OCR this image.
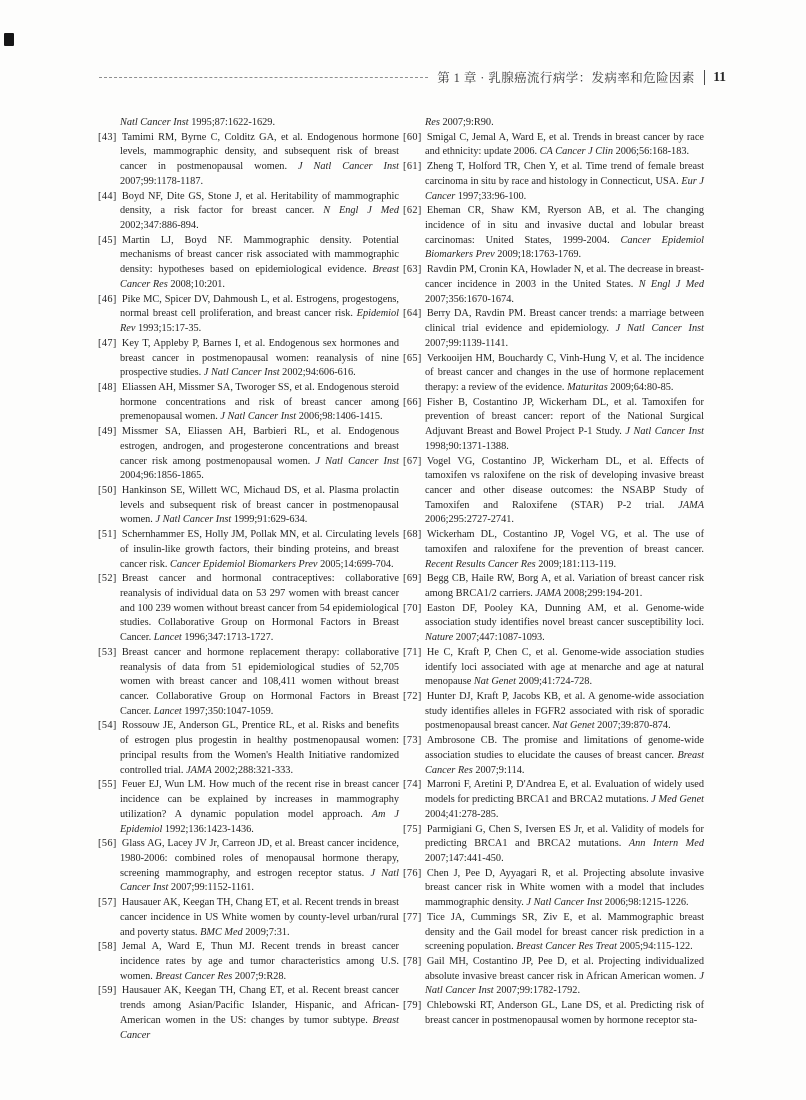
第 1 章 · 乳腺癌流行病学：发病率和危险因素 11
Natl Cancer Inst 1995;87:1622-1629.
[43]  Tamimi RM, Byrne C, Colditz GA, et al. Endogenous hormone levels, mammographic density, and subsequent risk of breast cancer in postmenopausal women. J Natl Cancer Inst 2007;99:1178-1187.
[44]  Boyd NF, Dite GS, Stone J, et al. Heritability of mammographic density, a risk factor for breast cancer. N Engl J Med 2002;347:886-894.
[45]  Martin LJ, Boyd NF. Mammographic density. Potential mechanisms of breast cancer risk associated with mammographic density: hypotheses based on epidemiological evidence. Breast Cancer Res 2008;10:201.
[46]  Pike MC, Spicer DV, Dahmoush L, et al. Estrogens, progestogens, normal breast cell proliferation, and breast cancer risk. Epidemiol Rev 1993;15:17-35.
[47]  Key T, Appleby P, Barnes I, et al. Endogenous sex hormones and breast cancer in postmenopausal women: reanalysis of nine prospective studies. J Natl Cancer Inst 2002;94:606-616.
[48]  Eliassen AH, Missmer SA, Tworoger SS, et al. Endogenous steroid hormone concentrations and risk of breast cancer among premenopausal women. J Natl Cancer Inst 2006;98:1406-1415.
[49]  Missmer SA, Eliassen AH, Barbieri RL, et al. Endogenous estrogen, androgen, and progesterone concentrations and breast cancer risk among postmenopausal women. J Natl Cancer Inst 2004;96:1856-1865.
[50]  Hankinson SE, Willett WC, Michaud DS, et al. Plasma prolactin levels and subsequent risk of breast cancer in postmenopausal women. J Natl Cancer Inst 1999;91:629-634.
[51]  Schernhammer ES, Holly JM, Pollak MN, et al. Circulating levels of insulin-like growth factors, their binding proteins, and breast cancer risk. Cancer Epidemiol Biomarkers Prev 2005;14:699-704.
[52]  Breast cancer and hormonal contraceptives: collaborative reanalysis of individual data on 53 297 women with breast cancer and 100 239 women without breast cancer from 54 epidemiological studies. Collaborative Group on Hormonal Factors in Breast Cancer. Lancet 1996;347:1713-1727.
[53]  Breast cancer and hormone replacement therapy: collaborative reanalysis of data from 51 epidemiological studies of 52,705 women with breast cancer and 108,411 women without breast cancer. Collaborative Group on Hormonal Factors in Breast Cancer. Lancet 1997;350:1047-1059.
[54]  Rossouw JE, Anderson GL, Prentice RL, et al. Risks and benefits of estrogen plus progestin in healthy postmenopausal women: principal results from the Women's Health Initiative randomized controlled trial. JAMA 2002;288:321-333.
[55]  Feuer EJ, Wun LM. How much of the recent rise in breast cancer incidence can be explained by increases in mammography utilization? A dynamic population model approach. Am J Epidemiol 1992;136:1423-1436.
[56]  Glass AG, Lacey JV Jr, Carreon JD, et al. Breast cancer incidence, 1980-2006: combined roles of menopausal hormone therapy, screening mammography, and estrogen receptor status. J Natl Cancer Inst 2007;99:1152-1161.
[57]  Hausauer AK, Keegan TH, Chang ET, et al. Recent trends in breast cancer incidence in US White women by county-level urban/rural and poverty status. BMC Med 2009;7:31.
[58]  Jemal A, Ward E, Thun MJ. Recent trends in breast cancer incidence rates by age and tumor characteristics among U.S. women. Breast Cancer Res 2007;9:R28.
[59]  Hausauer AK, Keegan TH, Chang ET, et al. Recent breast cancer trends among Asian/Pacific Islander, Hispanic, and African-American women in the US: changes by tumor subtype. Breast Cancer
Res 2007;9:R90.
[60]  Smigal C, Jemal A, Ward E, et al. Trends in breast cancer by race and ethnicity: update 2006. CA Cancer J Clin 2006;56:168-183.
[61]  Zheng T, Holford TR, Chen Y, et al. Time trend of female breast carcinoma in situ by race and histology in Connecticut, USA. Eur J Cancer 1997;33:96-100.
[62]  Eheman CR, Shaw KM, Ryerson AB, et al. The changing incidence of in situ and invasive ductal and lobular breast carcinomas: United States, 1999-2004. Cancer Epidemiol Biomarkers Prev 2009;18:1763-1769.
[63]  Ravdin PM, Cronin KA, Howlader N, et al. The decrease in breast-cancer incidence in 2003 in the United States. N Engl J Med 2007;356:1670-1674.
[64]  Berry DA, Ravdin PM. Breast cancer trends: a marriage between clinical trial evidence and epidemiology. J Natl Cancer Inst 2007;99:1139-1141.
[65]  Verkooijen HM, Bouchardy C, Vinh-Hung V, et al. The incidence of breast cancer and changes in the use of hormone replacement therapy: a review of the evidence. Maturitas 2009;64:80-85.
[66]  Fisher B, Costantino JP, Wickerham DL, et al. Tamoxifen for prevention of breast cancer: report of the National Surgical Adjuvant Breast and Bowel Project P-1 Study. J Natl Cancer Inst 1998;90:1371-1388.
[67]  Vogel VG, Costantino JP, Wickerham DL, et al. Effects of tamoxifen vs raloxifene on the risk of developing invasive breast cancer and other disease outcomes: the NSABP Study of Tamoxifen and Raloxifene (STAR) P-2 trial. JAMA 2006;295:2727-2741.
[68]  Wickerham DL, Costantino JP, Vogel VG, et al. The use of tamoxifen and raloxifene for the prevention of breast cancer. Recent Results Cancer Res 2009;181:113-119.
[69]  Begg CB, Haile RW, Borg A, et al. Variation of breast cancer risk among BRCA1/2 carriers. JAMA 2008;299:194-201.
[70]  Easton DF, Pooley KA, Dunning AM, et al. Genome-wide association study identifies novel breast cancer susceptibility loci. Nature 2007;447:1087-1093.
[71]  He C, Kraft P, Chen C, et al. Genome-wide association studies identify loci associated with age at menarche and age at natural menopause Nat Genet 2009;41:724-728.
[72]  Hunter DJ, Kraft P, Jacobs KB, et al. A genome-wide association study identifies alleles in FGFR2 associated with risk of sporadic postmenopausal breast cancer. Nat Genet 2007;39:870-874.
[73]  Ambrosone CB. The promise and limitations of genome-wide association studies to elucidate the causes of breast cancer. Breast Cancer Res 2007;9:114.
[74]  Marroni F, Aretini P, D'Andrea E, et al. Evaluation of widely used models for predicting BRCA1 and BRCA2 mutations. J Med Genet 2004;41:278-285.
[75]  Parmigiani G, Chen S, Iversen ES Jr, et al. Validity of models for predicting BRCA1 and BRCA2 mutations. Ann Intern Med 2007;147:441-450.
[76]  Chen J, Pee D, Ayyagari R, et al. Projecting absolute invasive breast cancer risk in White women with a model that includes mammographic density. J Natl Cancer Inst 2006;98:1215-1226.
[77]  Tice JA, Cummings SR, Ziv E, et al. Mammographic breast density and the Gail model for breast cancer risk prediction in a screening population. Breast Cancer Res Treat 2005;94:115-122.
[78]  Gail MH, Costantino JP, Pee D, et al. Projecting individualized absolute invasive breast cancer risk in African American women. J Natl Cancer Inst 2007;99:1782-1792.
[79]  Chlebowski RT, Anderson GL, Lane DS, et al. Predicting risk of breast cancer in postmenopausal women by hormone receptor sta-
